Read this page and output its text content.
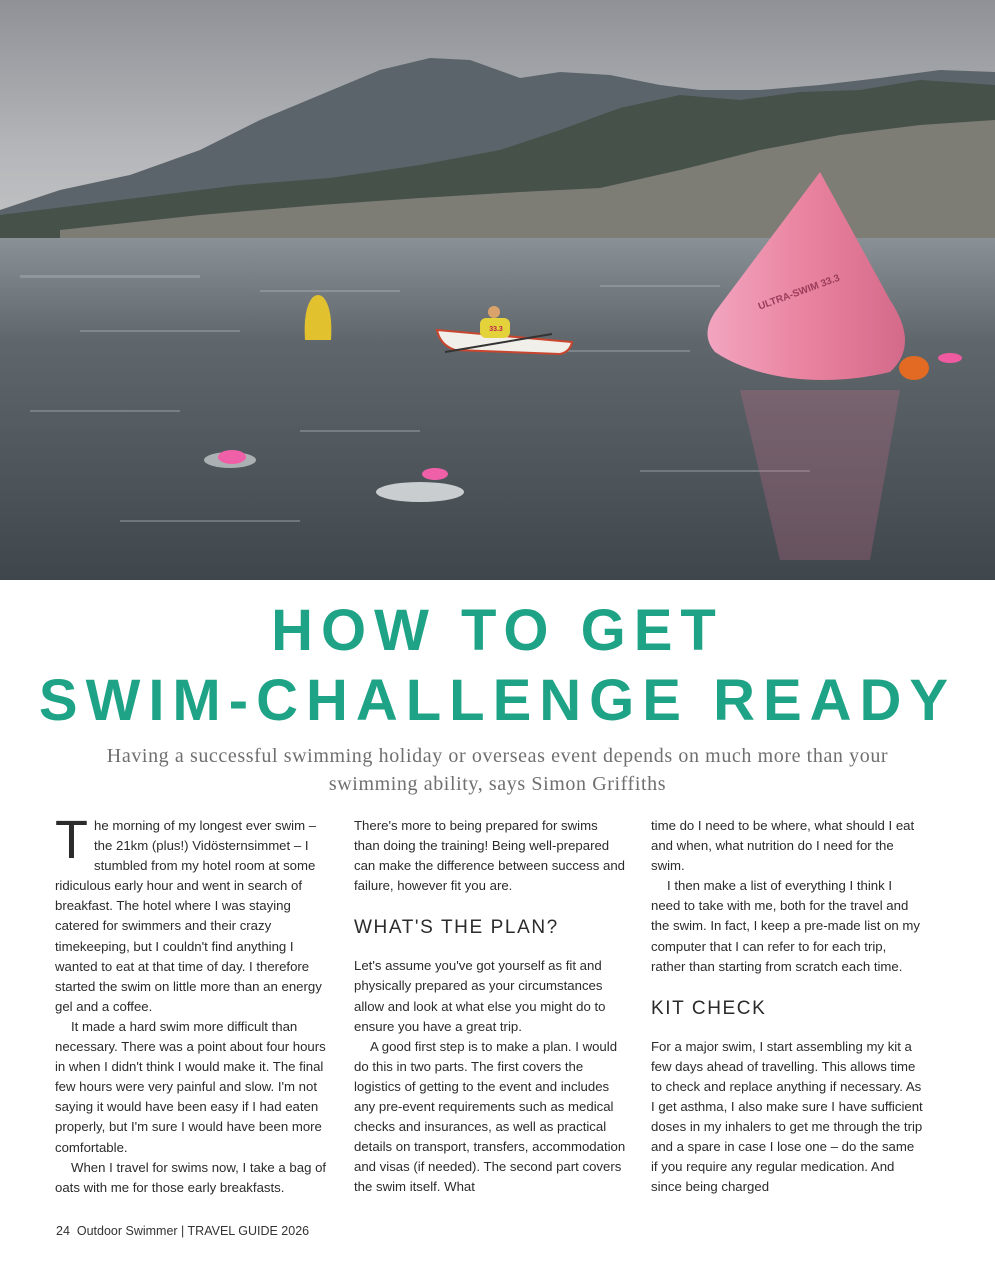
33.3
ULTRA-SWIM 33.3
HOW TO GET
SWIM-CHALLENGE READY
Having a successful swimming holiday or overseas event depends on much more than your swimming ability, says Simon Griffiths
T he morning of my longest ever swim – the 21km (plus!) Vidösternsimmet – I stumbled from my hotel room at some ridiculous early hour and went in search of breakfast. The hotel where I was staying catered for swimmers and their crazy timekeeping, but I couldn't find anything I wanted to eat at that time of day. I therefore started the swim on little more than an energy gel and a coffee.

It made a hard swim more difficult than necessary. There was a point about four hours in when I didn't think I would make it. The final few hours were very painful and slow. I'm not saying it would have been easy if I had eaten properly, but I'm sure I would have been more comfortable.

When I travel for swims now, I take a bag of oats with me for those early breakfasts.

There's more to being prepared for swims than doing the training! Being well-prepared can make the difference between success and failure, however fit you are.

WHAT'S THE PLAN?

Let's assume you've got yourself as fit and physically prepared as your circumstances allow and look at what else you might do to ensure you have a great trip.

A good first step is to make a plan. I would do this in two parts. The first covers the logistics of getting to the event and includes any pre-event requirements such as medical checks and insurances, as well as practical details on transport, transfers, accommodation and visas (if needed). The second part covers the swim itself. What

time do I need to be where, what should I eat and when, what nutrition do I need for the swim.

I then make a list of everything I think I need to take with me, both for the travel and the swim. In fact, I keep a pre-made list on my computer that I can refer to for each trip, rather than starting from scratch each time.

KIT CHECK

For a major swim, I start assembling my kit a few days ahead of travelling. This allows time to check and replace anything if necessary. As I get asthma, I also make sure I have sufficient doses in my inhalers to get me through the trip and a spare in case I lose one – do the same if you require any regular medication. And since being charged

24  Outdoor Swimmer | TRAVEL GUIDE 2026
